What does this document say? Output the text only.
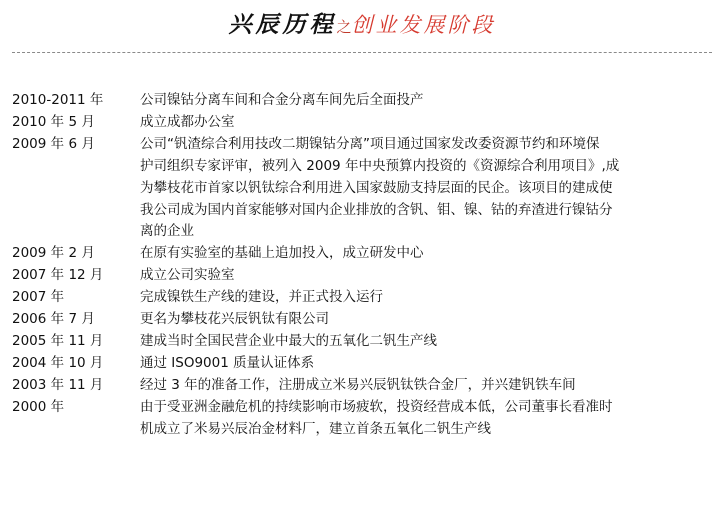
兴辰历程之创业发展阶段
2010-2011 年	公司镍钴分离车间和合金分离车间先后全面投产
2010 年 5 月	成立成都办公室
2009 年 6 月	公司“钒渣综合利用技改二期镍钴分离”项目通过国家发改委资源节约和环境保
护司组织专家评审，被列入 2009 年中央预算内投资的《资源综合利用项目》,成
为攀枝花市首家以钒钛综合利用进入国家鼓励支持层面的民企。该项目的建成使
我公司成为国内首家能够对国内企业排放的含钒、钼、镍、钴的弃渣进行镍钴分
离的企业
2009 年 2 月	在原有实验室的基础上追加投入，成立研发中心
2007 年 12 月	成立公司实验室
2007 年	完成镍铁生产线的建设，并正式投入运行
2006 年 7 月	更名为攀枝花兴辰钒钛有限公司
2005 年 11 月	建成当时全国民营企业中最大的五氧化二钒生产线
2004 年 10 月	通过 ISO9001 质量认证体系
2003 年 11 月	经过 3 年的准备工作，注册成立米易兴辰钒钛铁合金厂，并兴建钒铁车间
2000 年	由于受亚洲金融危机的持续影响市场疲软，投资经营成本低，公司董事长看准时
机成立了米易兴辰冶金材料厂，建立首条五氧化二钒生产线
